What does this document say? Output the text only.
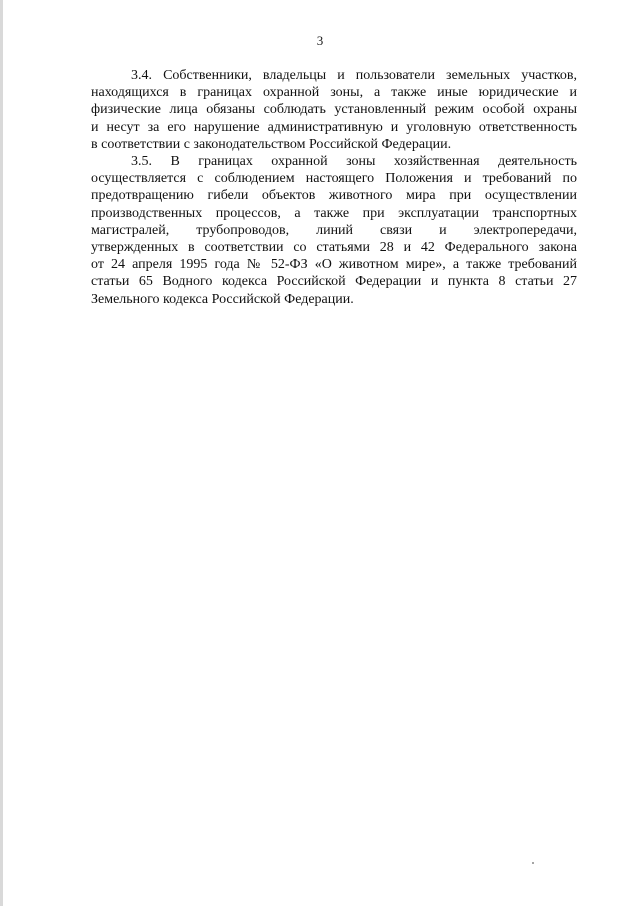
3

3.4. Собственники, владельцы и пользователи земельных участков,
находящихся в границах охранной зоны, а также иные юридические и
физические лица обязаны соблюдать установленный режим особой охраны
и несут за его нарушение административную и уголовную ответственность
в соответствии с законодательством Российской Федерации.

3.5. В границах охранной зоны хозяйственная деятельность
осуществляется с соблюдением настоящего Положения и требований по
предотвращению гибели объектов животного мира при осуществлении
производственных процессов, а также при эксплуатации транспортных
магистралей, трубопроводов, линий связи и электропередачи,
утвержденных в соответствии со статьями 28 и 42 Федерального закона
от 24 апреля 1995 года № 52-ФЗ «О животном мире», а также требований
статьи 65 Водного кодекса Российской Федерации и пункта 8 статьи 27
Земельного кодекса Российской Федерации.
